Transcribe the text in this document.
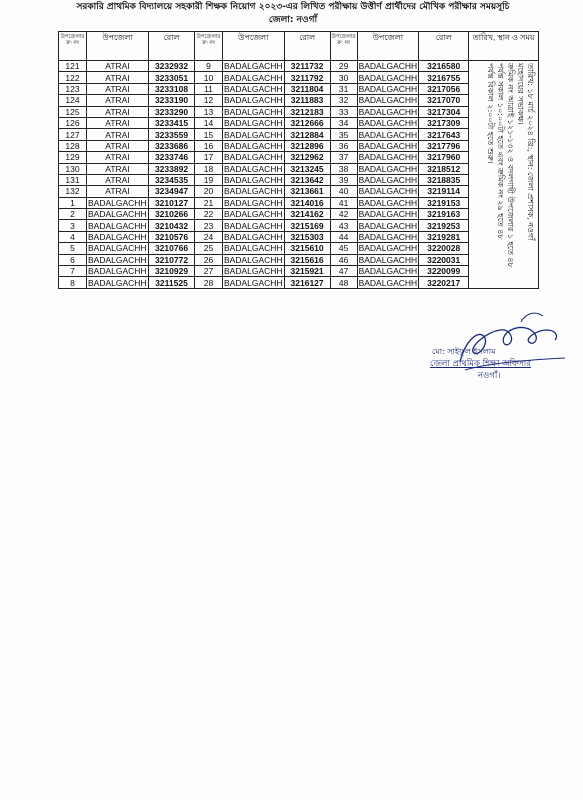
সরকারি প্রাথমিক বিদ্যালয়ে সহকারী শিক্ষক নিয়োগ ২০২৩-এর লিখিত পরীক্ষায় উত্তীর্ণ প্রার্থীদের মৌখিক পরীক্ষার সময়সূচি
জেলা: নওগাঁ
উপজেলার ক্র: নং	উপজেলা	রোল	উপজেলার ক্র: নং	উপজেলা	রোল	উপজেলার ক্র: নং	উপজেলা	রোল	তারিখ, স্থান ও সময়
121	ATRAI	3232932	9	BADALGACHH	3211732	29	BADALGACHH	3216580	তারিখ: ১৮ মার্চ ২০২৪ খ্রি:, স্থান: জেলা প্রশাসক, নওগাঁ
মহোদয়ের সভাকক্ষ।
ক্রমিক নং আত্রাই ১২১-১৩২ ও বদলগাছী উপজেলার ১ হতে ৪৮
পর্যন্ত সকাল ১০:০০টা হতে এবং ক্রমিক নং ২৯ হতে ৪৮
পর্যন্ত বিকাল ২:০০টা হতে শুরু।

122	ATRAI	3233051	10	BADALGACHH	3211792	30	BADALGACHH	3216755	
123	ATRAI	3233108	11	BADALGACHH	3211804	31	BADALGACHH	3217056	
124	ATRAI	3233190	12	BADALGACHH	3211883	32	BADALGACHH	3217070	
125	ATRAI	3233290	13	BADALGACHH	3212183	33	BADALGACHH	3217304	
126	ATRAI	3233415	14	BADALGACHH	3212666	34	BADALGACHH	3217309	
127	ATRAI	3233559	15	BADALGACHH	3212884	35	BADALGACHH	3217643	
128	ATRAI	3233686	16	BADALGACHH	3212896	36	BADALGACHH	3217796	
129	ATRAI	3233746	17	BADALGACHH	3212962	37	BADALGACHH	3217960	
130	ATRAI	3233892	18	BADALGACHH	3213245	38	BADALGACHH	3218512	
131	ATRAI	3234535	19	BADALGACHH	3213642	39	BADALGACHH	3218835	
132	ATRAI	3234947	20	BADALGACHH	3213661	40	BADALGACHH	3219114	
1	BADALGACHH	3210127	21	BADALGACHH	3214016	41	BADALGACHH	3219153	
2	BADALGACHH	3210266	22	BADALGACHH	3214162	42	BADALGACHH	3219163	
3	BADALGACHH	3210432	23	BADALGACHH	3215169	43	BADALGACHH	3219253	
4	BADALGACHH	3210576	24	BADALGACHH	3215303	44	BADALGACHH	3219281	
5	BADALGACHH	3210766	25	BADALGACHH	3215610	45	BADALGACHH	3220028	
6	BADALGACHH	3210772	26	BADALGACHH	3215616	46	BADALGACHH	3220031	
7	BADALGACHH	3210929	27	BADALGACHH	3215921	47	BADALGACHH	3220099	
8	BADALGACHH	3211525	28	BADALGACHH	3216127	48	BADALGACHH	3220217	
মো: সাইফুল ইসলাম
জেলা প্রাথমিক শিক্ষা অফিসার
নওগাঁ।
